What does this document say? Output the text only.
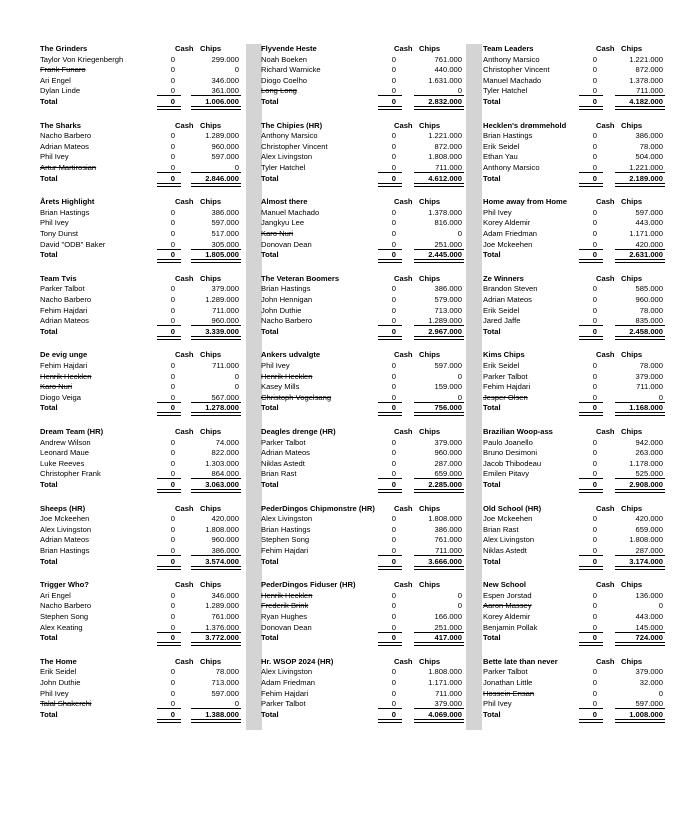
The Grinders	Cash Chips
Taylor Von Kriegenbergh	0	299.000
Frank Funaro	0	0
Ari Engel	0	346.000
Dylan Linde	0	361.000
Total	0	1.006.000
The Sharks	Cash Chips
Nacho Barbero	0	1.289.000
Adrian Mateos	0	960.000
Phil Ivey	0	597.000
Artur Martirosian	0	0
Total	0	2.846.000
Årets Highlight	Cash Chips
Brian Hastings	0	386.000
Phil Ivey	0	597.000
Tony Dunst	0	517.000
David "ODB" Baker	0	305.000
Total	0	1.805.000
Team Tvis	Cash Chips
Parker Talbot	0	379.000
Nacho Barbero	0	1.289.000
Fehim Hajdari	0	711.000
Adrian Mateos	0	960.000
Total	0	3.339.000
De evig unge	Cash Chips
Fehim Hajdari	0	711.000
Henrik Hecklen	0	0
Karo Nuri	0	0
Diogo Veiga	0	567.000
Total	0	1.278.000
Dream Team (HR)	Cash Chips
Andrew Wilson	0	74.000
Leonard Maue	0	822.000
Luke Reeves	0	1.303.000
Christopher Frank	0	864.000
Total	0	3.063.000
Sheeps (HR)	Cash Chips
Joe Mckeehen	0	420.000
Alex Livingston	0	1.808.000
Adrian Mateos	0	960.000
Brian Hastings	0	386.000
Total	0	3.574.000
Trigger Who?	Cash Chips
Ari Engel	0	346.000
Nacho Barbero	0	1.289.000
Stephen Song	0	761.000
Alex Keating	0	1.376.000
Total	0	3.772.000
The Home	Cash Chips
Erik Seidel	0	78.000
John Duthie	0	713.000
Phil Ivey	0	597.000
Talal Shakerchi	0	0
Total	0	1.388.000
Flyvende Heste	Cash Chips
Noah Boeken	0	761.000
Richard Warnicke	0	440.000
Diogo Coelho	0	1.631.000
Long Long	0	0
Total	0	2.832.000
The Chipies (HR)	Cash Chips
Anthony Marsico	0	1.221.000
Christopher Vincent	0	872.000
Alex Livingston	0	1.808.000
Tyler Hatchel	0	711.000
Total	0	4.612.000
Almost there	Cash Chips
Manuel Machado	0	1.378.000
Jangkyu Lee	0	816.000
Karo Nuri	0	0
Donovan Dean	0	251.000
Total	0	2.445.000
The Veteran Boomers	Cash Chips
Brian Hastings	0	386.000
John Hennigan	0	579.000
John Duthie	0	713.000
Nacho Barbero	0	1.289.000
Total	0	2.967.000
Ankers udvalgte	Cash Chips
Phil Ivey	0	597.000
Henrik Hecklen	0	0
Kasey Mills	0	159.000
Christoph Vogelsang	0	0
Total	0	756.000
Deagles drenge (HR)	Cash Chips
Parker Talbot	0	379.000
Adrian Mateos	0	960.000
Niklas Astedt	0	287.000
Brian Rast	0	659.000
Total	0	2.285.000
PederDingos Chipmonstre (HR)	Cash Chips
Alex Livingston	0	1.808.000
Brian Hastings	0	386.000
Stephen Song	0	761.000
Fehim Hajdari	0	711.000
Total	0	3.666.000
PederDingos Fiduser (HR)	Cash Chips
Henrik Hecklen	0	0
Frederik Brink	0	0
Ryan Hughes	0	166.000
Donovan Dean	0	251.000
Total	0	417.000
Hr. WSOP 2024 (HR)	Cash Chips
Alex Livingston	0	1.808.000
Adam Friedman	0	1.171.000
Fehim Hajdari	0	711.000
Parker Talbot	0	379.000
Total	0	4.069.000
Team Leaders	Cash Chips
Anthony Marsico	0	1.221.000
Christopher Vincent	0	872.000
Manuel Machado	0	1.378.000
Tyler Hatchel	0	711.000
Total	0	4.182.000
Hecklen's drømmehold	Cash Chips
Brian Hastings	0	386.000
Erik Seidel	0	78.000
Ethan Yau	0	504.000
Anthony Marsico	0	1.221.000
Total	0	2.189.000
Home away from Home	Cash Chips
Phil Ivey	0	597.000
Korey Aldemir	0	443.000
Adam Friedman	0	1.171.000
Joe Mckeehen	0	420.000
Total	0	2.631.000
Ze Winners	Cash Chips
Brandon Steven	0	585.000
Adrian Mateos	0	960.000
Erik Seidel	0	78.000
Jared Jaffe	0	835.000
Total	0	2.458.000
Kims Chips	Cash Chips
Erik Seidel	0	78.000
Parker Talbot	0	379.000
Fehim Hajdari	0	711.000
Jesper Olsen	0	0
Total	0	1.168.000
Brazilian Woop-ass	Cash Chips
Paulo Joanello	0	942.000
Bruno Desimoni	0	263.000
Jacob Thibodeau	0	1.178.000
Emilen Pitavy	0	525.000
Total	0	2.908.000
Old School (HR)	Cash Chips
Joe Mckeehen	0	420.000
Brian Rast	0	659.000
Alex Livingston	0	1.808.000
Niklas Astedt	0	287.000
Total	0	3.174.000
New School	Cash Chips
Espen Jorstad	0	136.000
Aaron Massey	0	0
Korey Aldemir	0	443.000
Benjamin Pollak	0	145.000
Total	0	724.000
Bette late than never	Cash Chips
Parker Talbot	0	379.000
Jonathan Little	0	32.000
Hossein Ensan	0	0
Phil Ivey	0	597.000
Total	0	1.008.000
